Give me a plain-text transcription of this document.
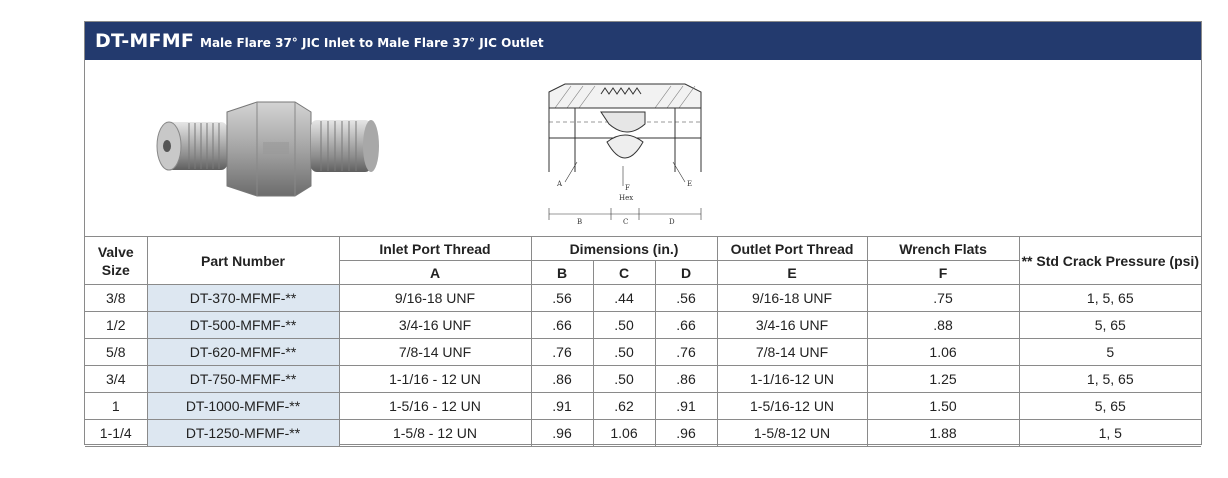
DT-MFMF Male Flare 37° JIC Inlet to Male Flare 37° JIC Outlet
A	E
F
Hex
B	C	D
Valve Size	Part Number	Inlet Port Thread	Dimensions (in.)			Outlet Port Thread	Wrench Flats	** Std Crack Pressure (psi)
		A	B	C	D	E	F	
3/8	DT-370-MFMF-**	9/16-18 UNF	.56	.44	.56	9/16-18 UNF	.75	1, 5, 65
1/2	DT-500-MFMF-**	3/4-16 UNF	.66	.50	.66	3/4-16 UNF	.88	5, 65
5/8	DT-620-MFMF-**	7/8-14 UNF	.76	.50	.76	7/8-14 UNF	1.06	5
3/4	DT-750-MFMF-**	1-1/16 - 12 UN	.86	.50	.86	1-1/16-12 UN	1.25	1, 5, 65
1	DT-1000-MFMF-**	1-5/16 - 12 UN	.91	.62	.91	1-5/16-12 UN	1.50	5, 65
1-1/4	DT-1250-MFMF-**	1-5/8 - 12 UN	.96	1.06	.96	1-5/8-12 UN	1.88	1, 5
